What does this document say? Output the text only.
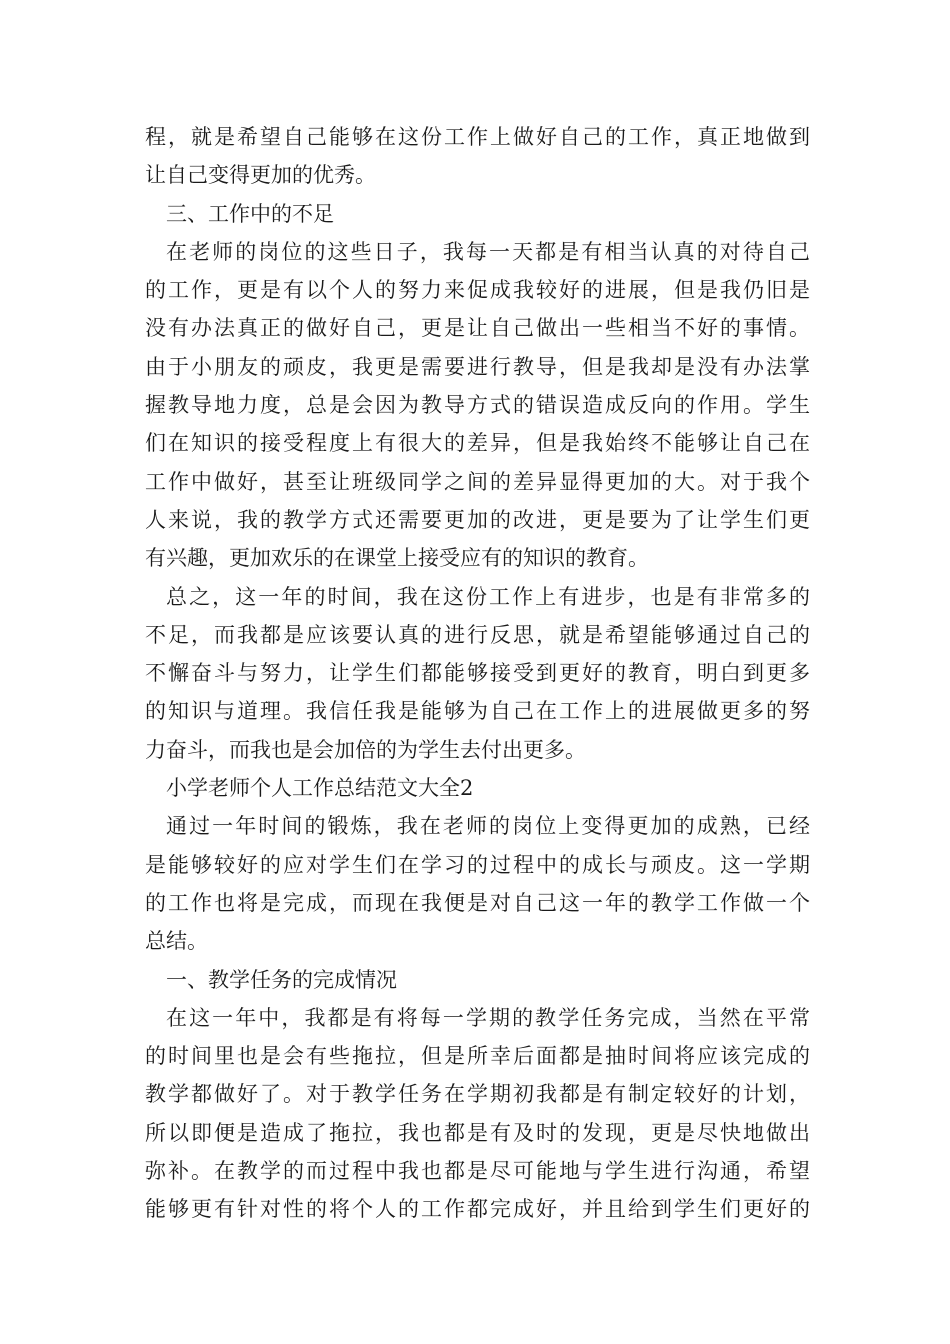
程，就是希望自己能够在这份工作上做好自己的工作，真正地做到
让自己变得更加的优秀。
三、工作中的不足
在老师的岗位的这些日子，我每一天都是有相当认真的对待自己
的工作，更是有以个人的努力来促成我较好的进展，但是我仍旧是
没有办法真正的做好自己，更是让自己做出一些相当不好的事情。
由于小朋友的顽皮，我更是需要进行教导，但是我却是没有办法掌
握教导地力度，总是会因为教导方式的错误造成反向的作用。学生
们在知识的接受程度上有很大的差异，但是我始终不能够让自己在
工作中做好，甚至让班级同学之间的差异显得更加的大。对于我个
人来说，我的教学方式还需要更加的改进，更是要为了让学生们更
有兴趣，更加欢乐的在课堂上接受应有的知识的教育。
总之，这一年的时间，我在这份工作上有进步，也是有非常多的
不足，而我都是应该要认真的进行反思，就是希望能够通过自己的
不懈奋斗与努力，让学生们都能够接受到更好的教育，明白到更多
的知识与道理。我信任我是能够为自己在工作上的进展做更多的努
力奋斗，而我也是会加倍的为学生去付出更多。
小学老师个人工作总结范文大全2
通过一年时间的锻炼，我在老师的岗位上变得更加的成熟，已经
是能够较好的应对学生们在学习的过程中的成长与顽皮。这一学期
的工作也将是完成，而现在我便是对自己这一年的教学工作做一个
总结。
一、教学任务的完成情况
在这一年中，我都是有将每一学期的教学任务完成，当然在平常
的时间里也是会有些拖拉，但是所幸后面都是抽时间将应该完成的
教学都做好了。对于教学任务在学期初我都是有制定较好的计划，
所以即便是造成了拖拉，我也都是有及时的发现，更是尽快地做出
弥补。在教学的而过程中我也都是尽可能地与学生进行沟通，希望
能够更有针对性的将个人的工作都完成好，并且给到学生们更好的
